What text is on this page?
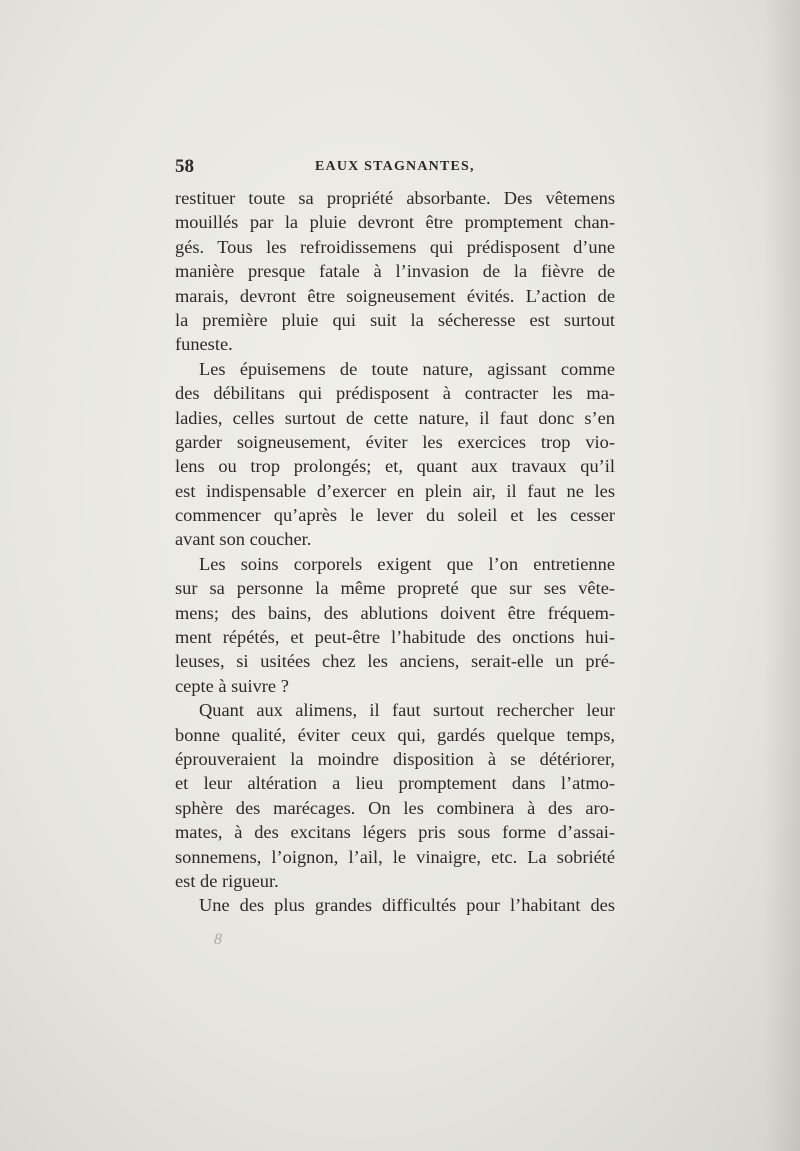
58	EAUX STAGNANTES,
restituer toute sa propriété absorbante. Des vêtemens
mouillés par la pluie devront être promptement chan-
gés. Tous les refroidissemens qui prédisposent d’une
manière presque fatale à l’invasion de la fièvre de
marais, devront être soigneusement évités. L’action de
la première pluie qui suit la sécheresse est surtout
funeste.
Les épuisemens de toute nature, agissant comme
des débilitans qui prédisposent à contracter les ma-
ladies, celles surtout de cette nature, il faut donc s’en
garder soigneusement, éviter les exercices trop vio-
lens ou trop prolongés; et, quant aux travaux qu’il
est indispensable d’exercer en plein air, il faut ne les
commencer qu’après le lever du soleil et les cesser
avant son coucher.
Les soins corporels exigent que l’on entretienne
sur sa personne la même propreté que sur ses vête-
mens; des bains, des ablutions doivent être fréquem-
ment répétés, et peut-être l’habitude des onctions hui-
leuses, si usitées chez les anciens, serait-elle un pré-
cepte à suivre ?
Quant aux alimens, il faut surtout rechercher leur
bonne qualité, éviter ceux qui, gardés quelque temps,
éprouveraient la moindre disposition à se détériorer,
et leur altération a lieu promptement dans l’atmo-
sphère des marécages. On les combinera à des aro-
mates, à des excitans légers pris sous forme d’assai-
sonnemens, l’oignon, l’ail, le vinaigre, etc. La sobriété
est de rigueur.
Une des plus grandes difficultés pour l’habitant des
8
